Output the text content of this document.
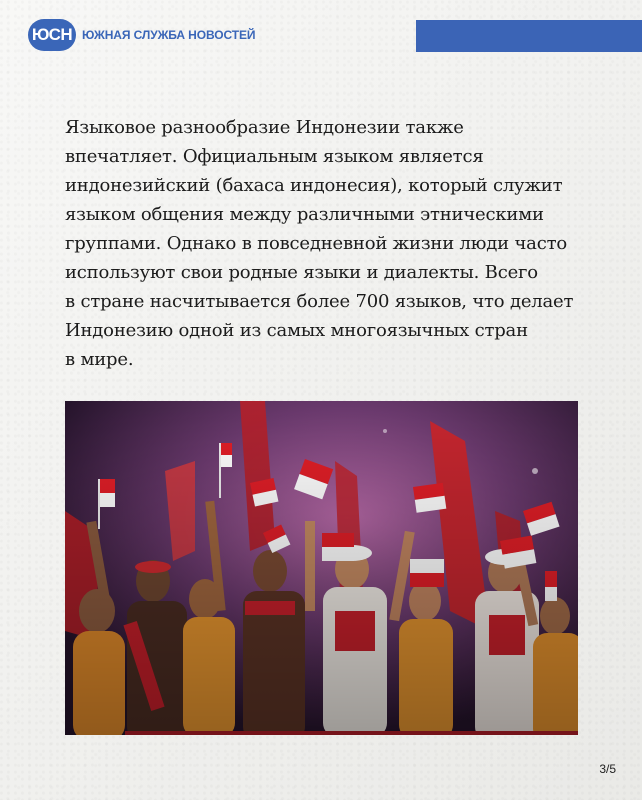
ЮСН ЮЖНАЯ СЛУЖБА НОВОСТЕЙ
Языковое разнообразие Индонезии также
впечатляет. Официальным языком является
индонезийский (бахаса индонесия), который служит
языком общения между различными этническими
группами. Однако в повседневной жизни люди часто
используют свои родные языки и диалекты. Всего
в стране насчитывается более 700 языков, что делает
Индонезию одной из самых многоязычных стран
в мире.
3/5
